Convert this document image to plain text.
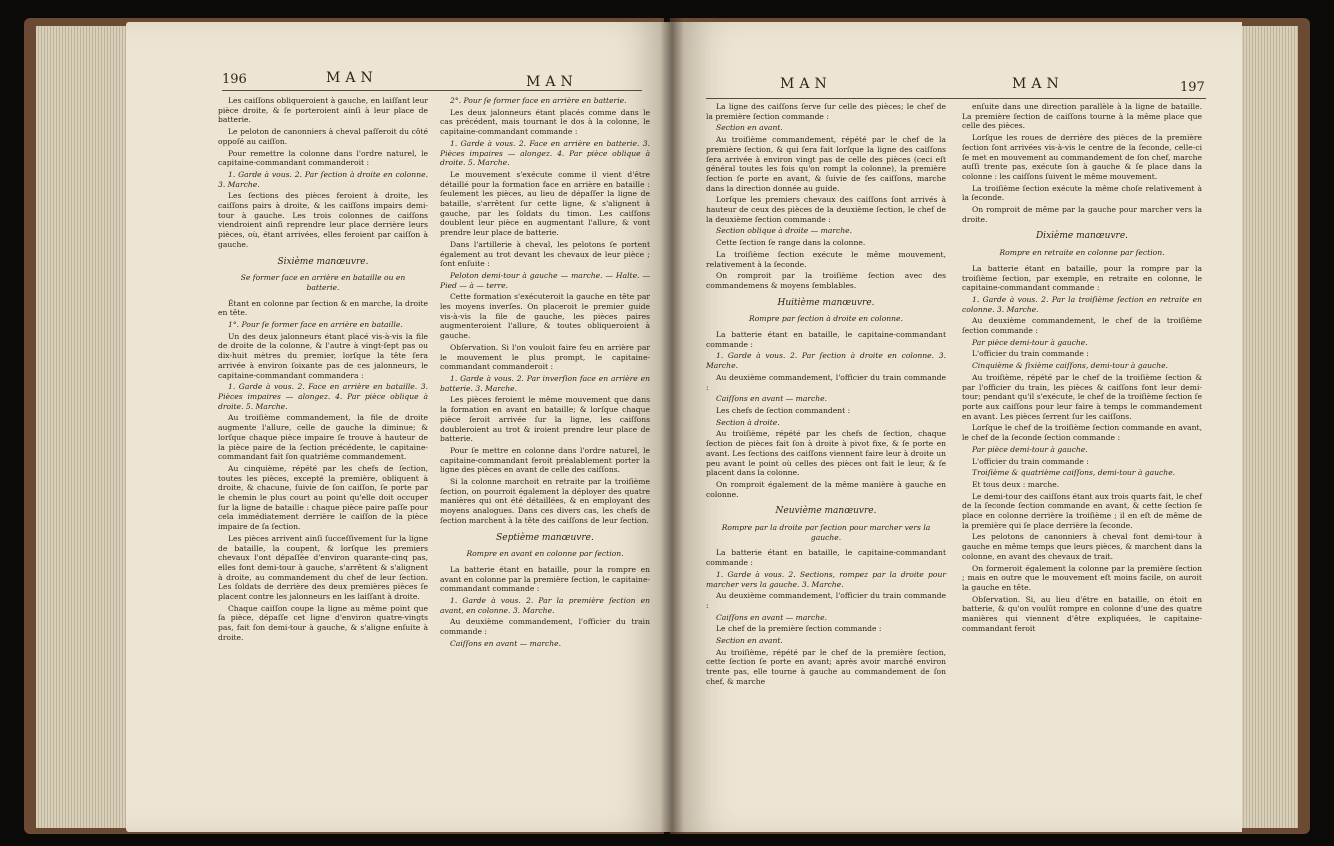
196	MAN	MAN

Les caiſſons obliqueroient à gauche, en laiſſant leur pièce droite, & ſe porteroient ainſi à leur place de batterie.

Le peloton de canonniers à cheval paſſeroit du côté oppoſé au caiſſon.

Pour remettre la colonne dans l'ordre naturel, le capitaine-commandant commanderoit :

1. Garde à vous. 2. Par ſection à droite en colonne. 3. Marche.

Les ſections des pièces feroient à droite, les caiſſons pairs à droite, & les caiſſons impairs demi-tour à gauche. Les trois colonnes de caiſſons viendroient ainſi reprendre leur place derrière leurs pièces, où, étant arrivées, elles feroient par caiſſon à gauche.

Sixième manœuvre.

Se former face en arrière en bataille ou en batterie.

Étant en colonne par ſection & en marche, la droite en tête.

1°. Pour ſe former face en arrière en bataille.

Un des deux jalonneurs étant placé vis-à-vis la file de droite de la colonne, & l'autre à vingt-ſept pas ou dix-huit mètres du premier, lorſque la tête ſera arrivée à environ ſoixante pas de ces jalonneurs, le capitaine-commandant commandera :

1. Garde à vous. 2. Face en arrière en bataille. 3. Pièces impaires — alongez. 4. Par pièce oblique à droite. 5. Marche.

Au troiſième commandement, la file de droite augmente l'allure, celle de gauche la diminue; & lorſque chaque pièce impaire ſe trouve à hauteur de la pièce paire de la ſection précédente, le capitaine-commandant fait ſon quatrième commandement.

Au cinquième, répété par les chefs de ſection, toutes les pièces, excepté la première, obliquent à droite, & chacune, ſuivie de ſon caiſſon, ſe porte par le chemin le plus court au point qu'elle doit occuper ſur la ligne de bataille : chaque pièce paire paſſe pour cela immédiatement derrière le caiſſon de la pièce impaire de ſa ſection.

Les pièces arrivent ainſi ſucceſſivement ſur la ligne de bataille, la coupent, & lorſque les premiers chevaux l'ont dépaſſée d'environ quarante-cinq pas, elles font demi-tour à gauche, s'arrêtent & s'alignent à droite, au commandement du chef de leur ſection. Les ſoldats de derrière des deux premières pièces ſe placent contre les jalonneurs en les laiſſant à droite.

Chaque caiſſon coupe la ligne au même point que ſa pièce, dépaſſe cet ligne d'environ quatre-vingts pas, fait ſon demi-tour à gauche, & s'aligne enſuite à droite.

2°. Pour ſe former face en arrière en batterie.

Les deux jalonneurs étant placés comme dans le cas précédent, mais tournant le dos à la colonne, le capitaine-commandant commande :

1. Garde à vous. 2. Face en arrière en batterie. 3. Pièces impaires — alongez. 4. Par pièce oblique à droite. 5. Marche.

Le mouvement s'exécute comme il vient d'être détaillé pour la formation face en arrière en bataille : ſeulement les pièces, au lieu de dépaſſer la ligne de bataille, s'arrêtent ſur cette ligne, & s'alignent à gauche, par les ſoldats du timon. Les caiſſons doublent leur pièce en augmentant l'allure, & vont prendre leur place de batterie.

Dans l'artillerie à cheval, les pelotons ſe portent également au trot devant les chevaux de leur pièce ; ſont enſuite :

Peloton demi-tour à gauche — marche. — Halte. — Pied — à — terre.

Cette formation s'exécuteroit la gauche en tête par les moyens inverſes. On placeroit le premier guide vis-à-vis la file de gauche, les pièces paires augmenteroient l'allure, & toutes obliqueroient à gauche.

Obſervation. Si l'on vouloit faire feu en arrière par le mouvement le plus prompt, le capitaine-commandant commanderoit :

1. Garde à vous. 2. Par inverſion face en arrière en batterie. 3. Marche.

Les pièces feroient le même mouvement que dans la formation en avant en bataille; & lorſque chaque pièce ſeroit arrivée ſur la ligne, les caiſſons doubleroient au trot & iroient prendre leur place de batterie.

Pour ſe mettre en colonne dans l'ordre naturel, le capitaine-commandant feroit préalablement porter la ligne des pièces en avant de celle des caiſſons.

Si la colonne marchoit en retraite par la troiſième ſection, on pourroit également la déployer des quatre manières qui ont été détaillées, & en employant des moyens analogues. Dans ces divers cas, les chefs de ſection marchent à la tête des caiſſons de leur ſection.

Septième manœuvre.

Rompre en avant en colonne par ſection.

La batterie étant en bataille, pour la rompre en avant en colonne par la première ſection, le capitaine-commandant commande :

1. Garde à vous. 2. Par la première ſection en avant, en colonne. 3. Marche.

Au deuxième commandement, l'officier du train commande :

Caiſſons en avant — marche.

MAN	MAN	197

La ligne des caiſſons ſerve ſur celle des pièces; le chef de la première ſection commande :

Section en avant.

Au troiſième commandement, répété par le chef de la première ſection, & qui ſera fait lorſque la ligne des caiſſons ſera arrivée à environ vingt pas de celle des pièces (ceci eſt général toutes les fois qu'on rompt la colonne), la première ſection ſe porte en avant, & ſuivie de ſes caiſſons, marche dans la direction donnée au guide.

Lorſque les premiers chevaux des caiſſons ſont arrivés à hauteur de ceux des pièces de la deuxième ſection, le chef de la deuxième ſection commande :

Section oblique à droite — marche.

Cette ſection ſe range dans la colonne.

La troiſième ſection exécute le même mouvement, relativement à la ſeconde.

On romproit par la troiſième ſection avec des commandemens & moyens ſemblables.

Huitième manœuvre.

Rompre par ſection à droite en colonne.

La batterie étant en bataille, le capitaine-commandant commande :

1. Garde à vous. 2. Par ſection à droite en colonne. 3. Marche.

Au deuxième commandement, l'officier du train commande :

Caiſſons en avant — marche.

Les chefs de ſection commandent :

Section à droite.

Au troiſième, répété par les chefs de ſection, chaque ſection de pièces fait ſon à droite à pivot fixe, & ſe porte en avant. Les ſections des caiſſons viennent faire leur à droite un peu avant le point où celles des pièces ont fait le leur, & ſe placent dans la colonne.

On romproit également de la même manière à gauche en colonne.

Neuvième manœuvre.

Rompre par la droite par ſection pour marcher vers la gauche.

La batterie étant en bataille, le capitaine-commandant commande :

1. Garde à vous. 2. Sections, rompez par la droite pour marcher vers la gauche. 3. Marche.

Au deuxième commandement, l'officier du train commande :

Caiſſons en avant — marche.

Le chef de la première ſection commande :

Section en avant.

Au troiſième, répété par le chef de la première ſection, cette ſection ſe porte en avant; après avoir marché environ trente pas, elle tourne à gauche au commandement de ſon chef, & marche

enſuite dans une direction parallèle à la ligne de bataille. La première ſection de caiſſons tourne à la même place que celle des pièces.

Lorſque les roues de derrière des pièces de la première ſection ſont arrivées vis-à-vis le centre de la ſeconde, celle-ci ſe met en mouvement au commandement de ſon chef, marche auſſi trente pas, exécute ſon à gauche & ſe place dans la colonne : les caiſſons ſuivent le même mouvement.

La troiſième ſection exécute la même choſe relativement à la ſeconde.

On romproit de même par la gauche pour marcher vers la droite.

Dixième manœuvre.

Rompre en retraite en colonne par ſection.

La batterie étant en bataille, pour la rompre par la troiſième ſection, par exemple, en retraite en colonne, le capitaine-commandant commande :

1. Garde à vous. 2. Par la troiſième ſection en retraite en colonne. 3. Marche.

Au deuxième commandement, le chef de la troiſième ſection commande :

Par pièce demi-tour à gauche.

L'officier du train commande :

Cinquième & ſixième caiſſons, demi-tour à gauche.

Au troiſième, répété par le chef de la troiſième ſection & par l'officier du train, les pièces & caiſſons font leur demi-tour; pendant qu'il s'exécute, le chef de la troiſième ſection ſe porte aux caiſſons pour leur faire à temps le commandement en avant. Les pièces ſerrent ſur les caiſſons.

Lorſque le chef de la troiſième ſection commande en avant, le chef de la ſeconde ſection commande :

Par pièce demi-tour à gauche.

L'officier du train commande :

Troiſième & quatrième caiſſons, demi-tour à gauche.

Et tous deux : marche.

Le demi-tour des caiſſons étant aux trois quarts fait, le chef de la ſeconde ſection commande en avant, & cette ſection ſe place en colonne derrière la troiſième ; il en eſt de même de la première qui ſe place derrière la ſeconde.

Les pelotons de canonniers à cheval font demi-tour à gauche en même temps que leurs pièces, & marchent dans la colonne, en avant des chevaux de trait.

On formeroit également la colonne par la première ſection ; mais en outre que le mouvement eſt moins facile, on auroit la gauche en tête.

Obſervation. Si, au lieu d'être en bataille, on étoit en batterie, & qu'on voulût rompre en colonne d'une des quatre manières qui viennent d'être expliquées, le capitaine-commandant feroit
